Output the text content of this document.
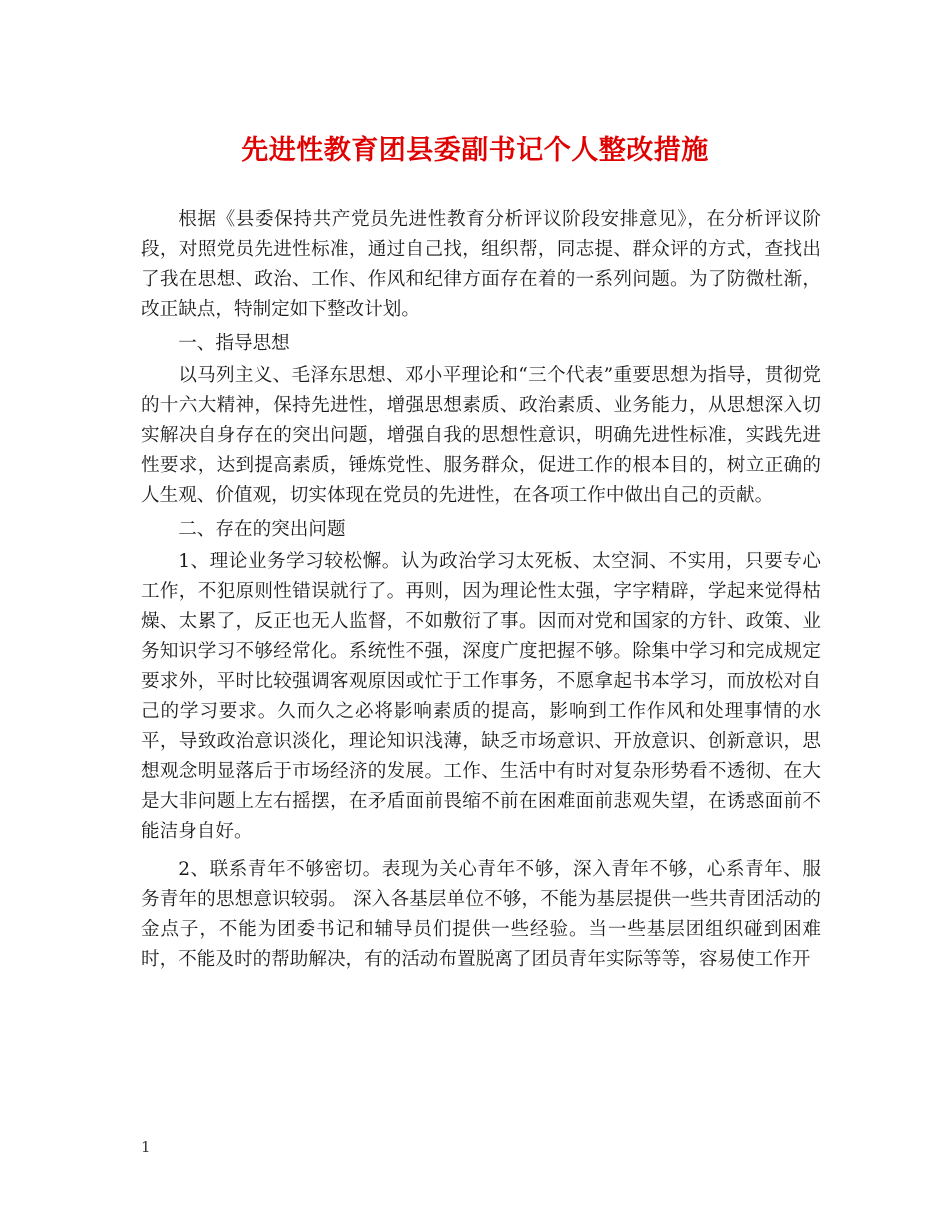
先进性教育团县委副书记个人整改措施

根据《县委保持共产党员先进性教育分析评议阶段安排意见》，在分析评议阶段，对照党员先进性标准，通过自己找，组织帮，同志提、群众评的方式，查找出了我在思想、政治、工作、作风和纪律方面存在着的一系列问题。为了防微杜渐，改正缺点，特制定如下整改计划。

一、指导思想

以马列主义、毛泽东思想、邓小平理论和“三个代表”重要思想为指导，贯彻党的十六大精神，保持先进性，增强思想素质、政治素质、业务能力，从思想深入切实解决自身存在的突出问题，增强自我的思想性意识，明确先进性标准，实践先进性要求，达到提高素质，锤炼党性、服务群众，促进工作的根本目的，树立正确的人生观、价值观，切实体现在党员的先进性，在各项工作中做出自己的贡献。

二、存在的突出问题

1、理论业务学习较松懈。认为政治学习太死板、太空洞、不实用，只要专心工作，不犯原则性错误就行了。再则，因为理论性太强，字字精辟，学起来觉得枯燥、太累了，反正也无人监督，不如敷衍了事。因而对党和国家的方针、政策、业务知识学习不够经常化。系统性不强，深度广度把握不够。除集中学习和完成规定要求外，平时比较强调客观原因或忙于工作事务，不愿拿起书本学习，而放松对自己的学习要求。久而久之必将影响素质的提高，影响到工作作风和处理事情的水平，导致政治意识淡化，理论知识浅薄，缺乏市场意识、开放意识、创新意识，思想观念明显落后于市场经济的发展。工作、生活中有时对复杂形势看不透彻、在大是大非问题上左右摇摆，在矛盾面前畏缩不前在困难面前悲观失望，在诱惑面前不能洁身自好。

2、联系青年不够密切。表现为关心青年不够，深入青年不够，心系青年、服务青年的思想意识较弱。 深入各基层单位不够，不能为基层提供一些共青团活动的金点子，不能为团委书记和辅导员们提供一些经验。当一些基层团组织碰到困难时，不能及时的帮助解决，有的活动布置脱离了团员青年实际等等，容易使工作开

1
